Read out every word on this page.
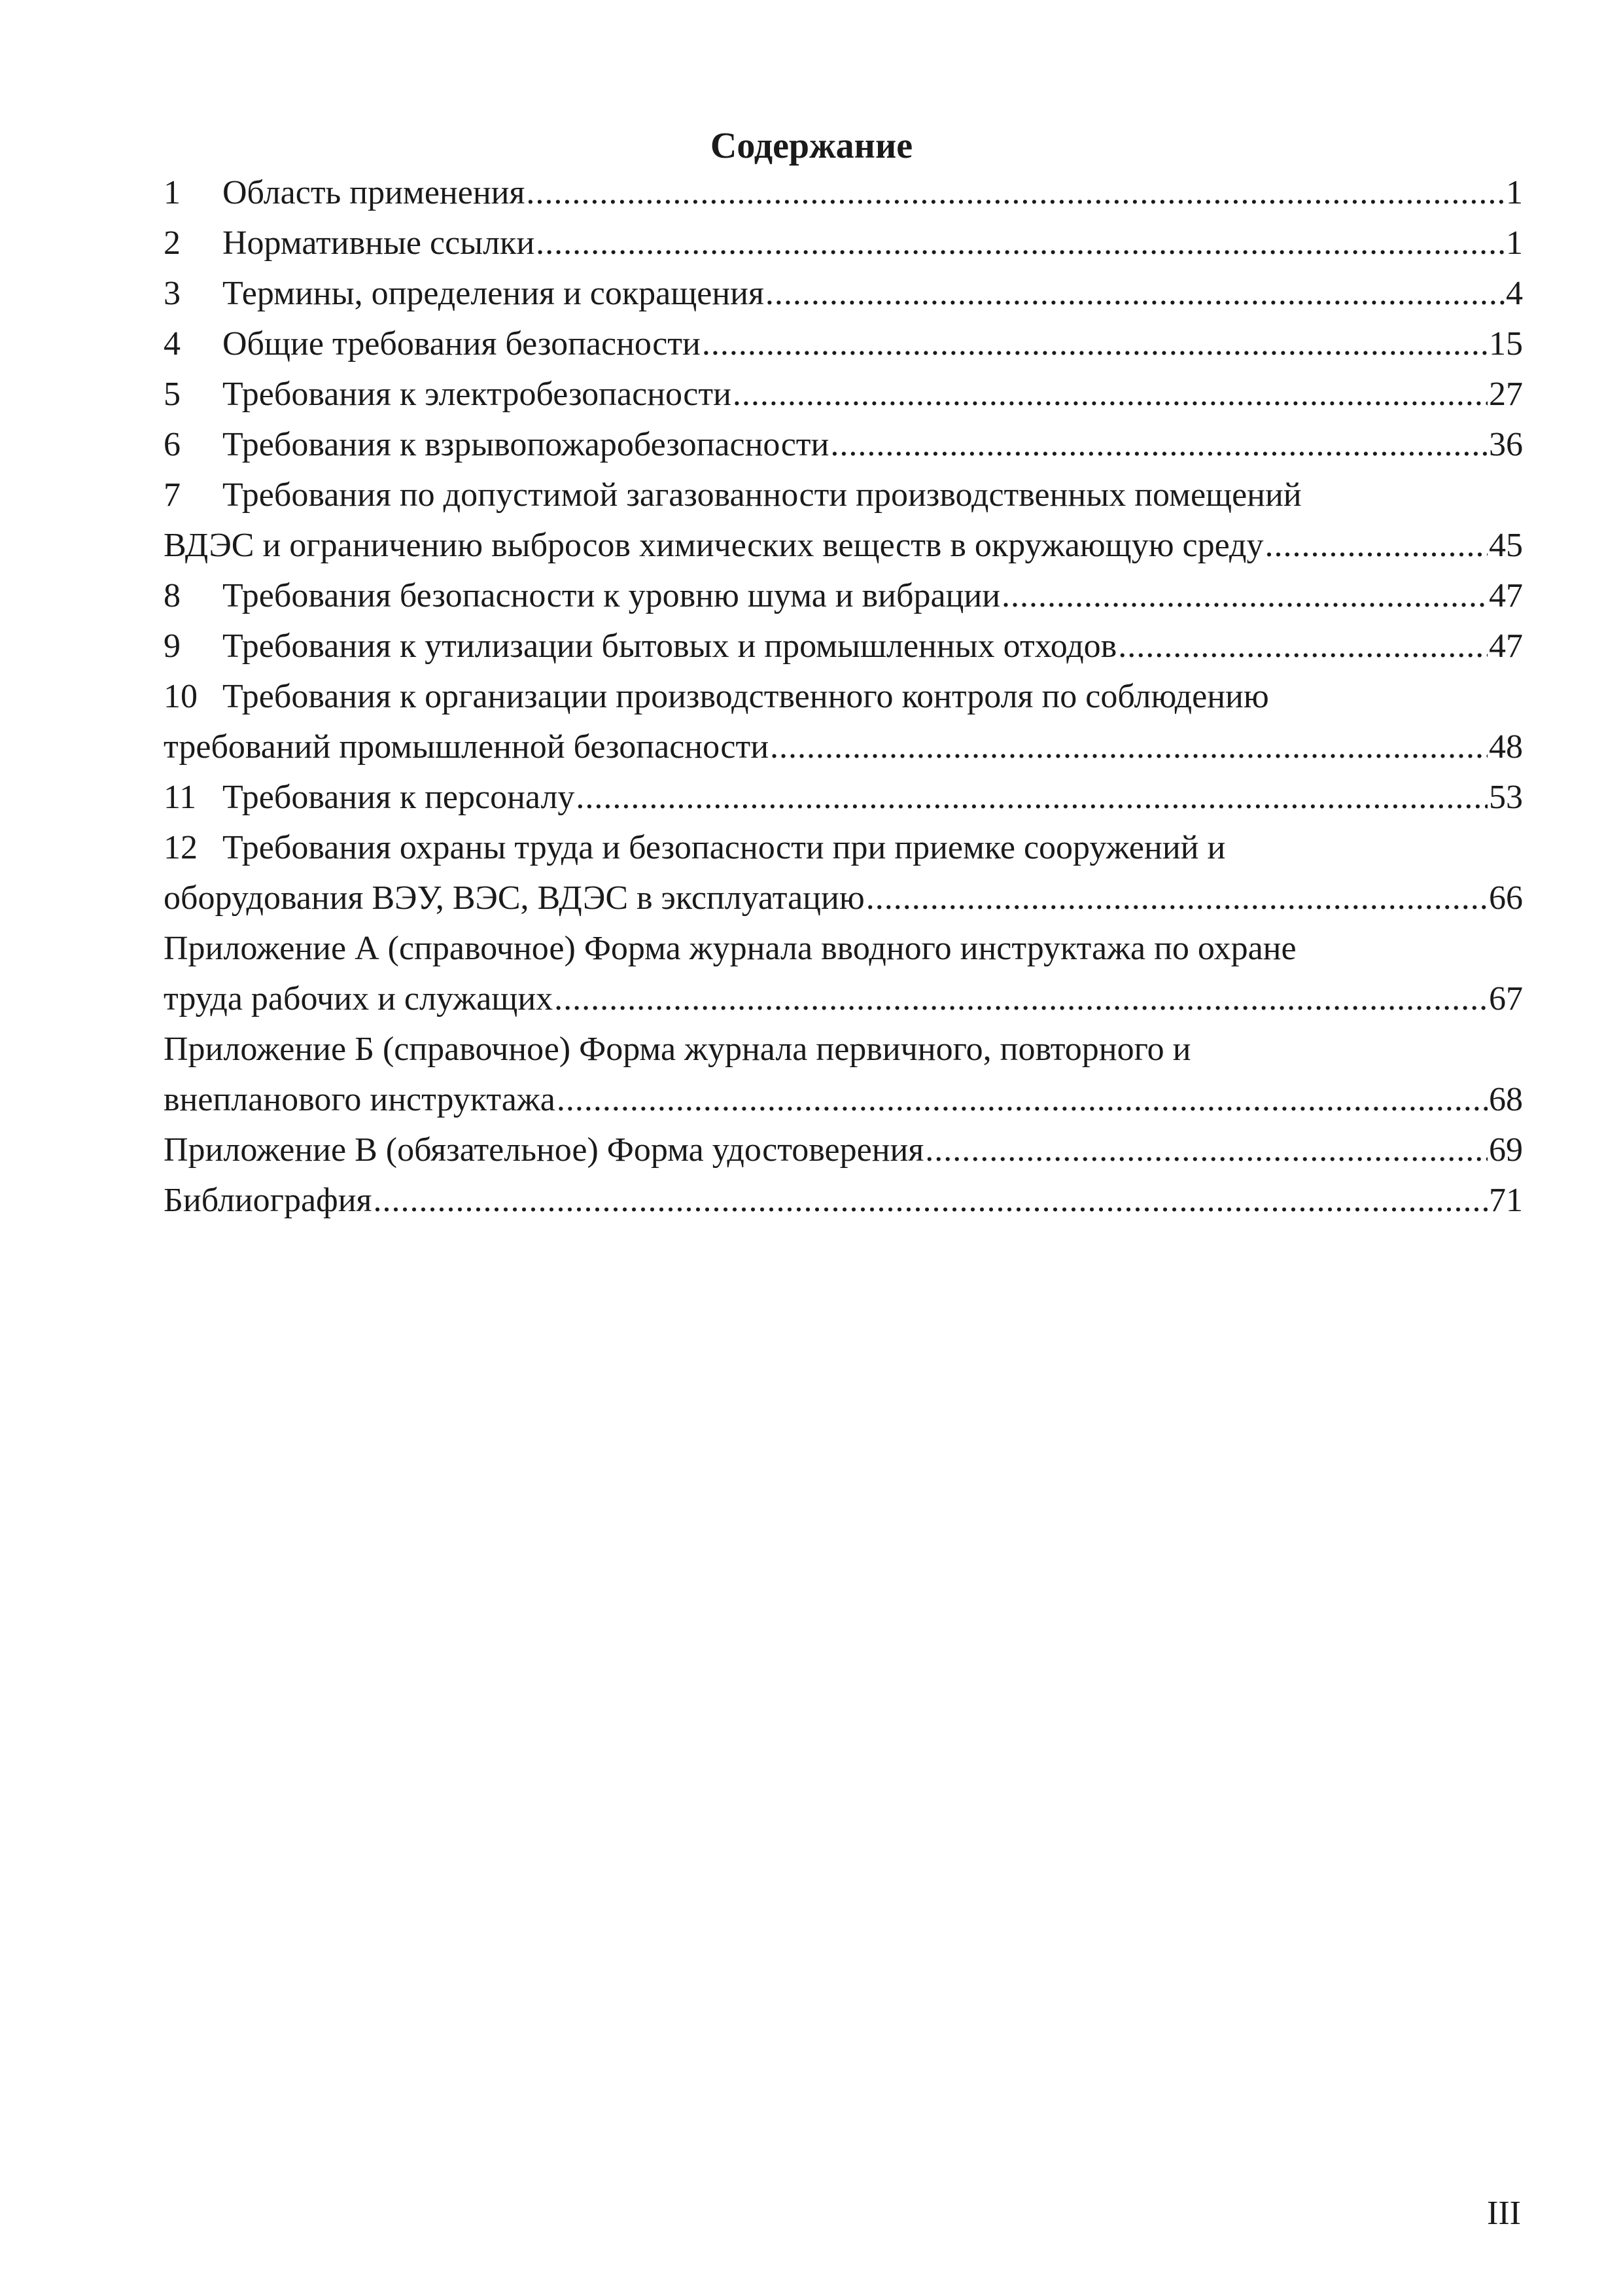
Содержание
1	Область применения .....	1
2	Нормативные ссылки .....	1
3	Термины, определения и сокращения .....	4
4	Общие требования безопасности .....	15
5	Требования к электробезопасности .....	27
6	Требования к взрывопожаробезопасности .....	36
7	Требования по допустимой загазованности производственных помещений
ВДЭС и ограничению выбросов химических веществ в окружающую среду .....	45
8	Требования безопасности к уровню шума и вибрации .....	47
9	Требования к утилизации бытовых и промышленных отходов .....	47
10 Требования к организации производственного контроля по соблюдению
требований промышленной безопасности .....	48
11 Требования к персоналу .....	53
12 Требования охраны труда и безопасности при приемке сооружений и
оборудования ВЭУ, ВЭС, ВДЭС в эксплуатацию .....	66
Приложение А (справочное) Форма журнала вводного инструктажа по охране
труда рабочих и служащих .....	67
Приложение Б (справочное) Форма журнала первичного, повторного и
внепланового инструктажа .....	68
Приложение В (обязательное) Форма удостоверения .....	69
Библиография .....	71
III
